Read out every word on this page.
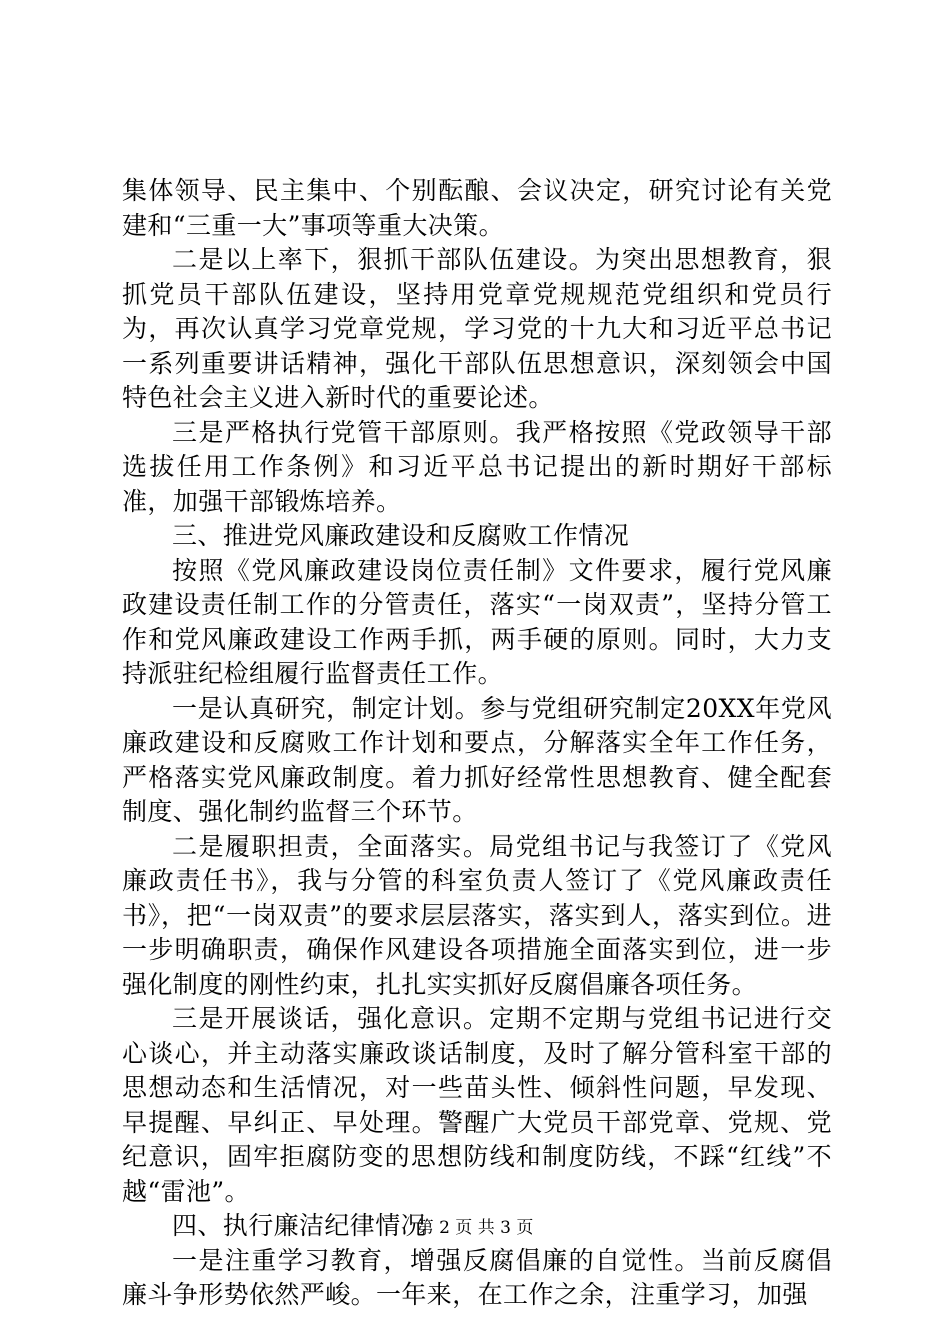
集体领导、民主集中、个别酝酿、会议决定，研究讨论有关党建和“三重一大”事项等重大决策。

二是以上率下，狠抓干部队伍建设。为突出思想教育，狠抓党员干部队伍建设，坚持用党章党规规范党组织和党员行为，再次认真学习党章党规，学习党的十九大和习近平总书记一系列重要讲话精神，强化干部队伍思想意识，深刻领会中国特色社会主义进入新时代的重要论述。

三是严格执行党管干部原则。我严格按照《党政领导干部选拔任用工作条例》和习近平总书记提出的新时期好干部标准，加强干部锻炼培养。

三、推进党风廉政建设和反腐败工作情况

按照《党风廉政建设岗位责任制》文件要求，履行党风廉政建设责任制工作的分管责任，落实“一岗双责”，坚持分管工作和党风廉政建设工作两手抓，两手硬的原则。同时，大力支持派驻纪检组履行监督责任工作。

一是认真研究，制定计划。参与党组研究制定20XX年党风廉政建设和反腐败工作计划和要点，分解落实全年工作任务，严格落实党风廉政制度。着力抓好经常性思想教育、健全配套制度、强化制约监督三个环节。

二是履职担责，全面落实。局党组书记与我签订了《党风廉政责任书》，我与分管的科室负责人签订了《党风廉政责任书》，把“一岗双责”的要求层层落实，落实到人，落实到位。进一步明确职责，确保作风建设各项措施全面落实到位，进一步强化制度的刚性约束，扎扎实实抓好反腐倡廉各项任务。

三是开展谈话，强化意识。定期不定期与党组书记进行交心谈心，并主动落实廉政谈话制度，及时了解分管科室干部的思想动态和生活情况，对一些苗头性、倾斜性问题，早发现、早提醒、早纠正、早处理。警醒广大党员干部党章、党规、党纪意识，固牢拒腐防变的思想防线和制度防线，不踩“红线”不越“雷池”。

四、执行廉洁纪律情况

一是注重学习教育，增强反腐倡廉的自觉性。当前反腐倡廉斗争形势依然严峻。一年来，在工作之余，注重学习，加强

第 2 页 共 3 页
